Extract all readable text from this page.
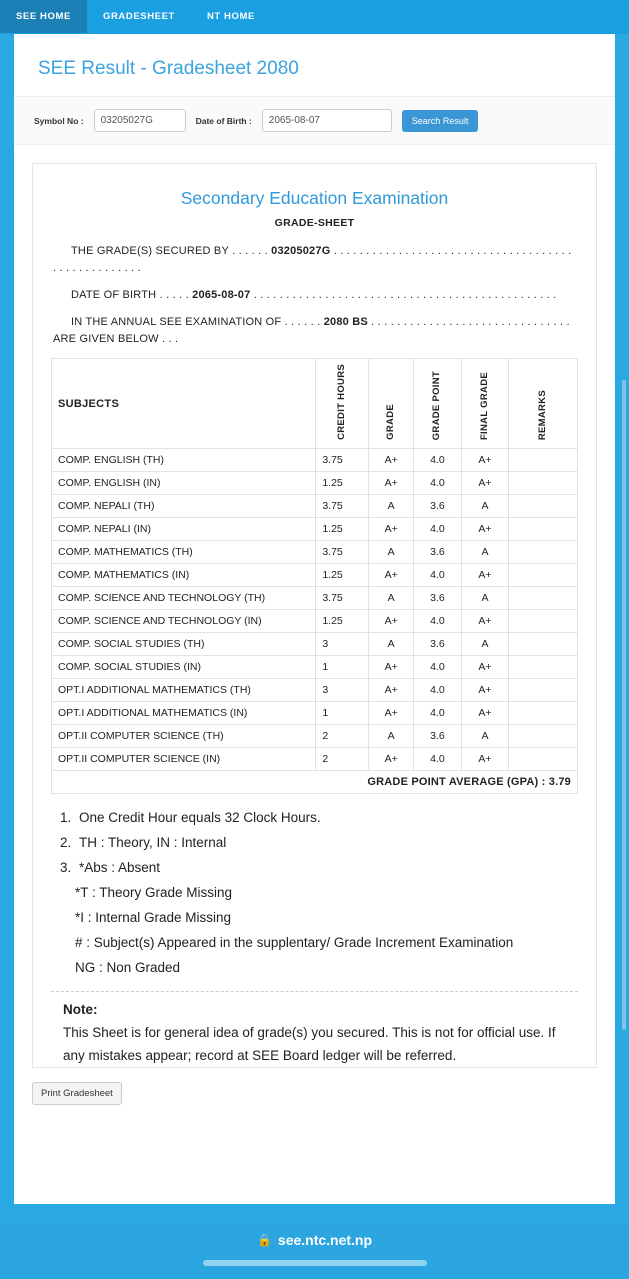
SEE HOME	GRADESHEET	NT HOME
SEE Result - Gradesheet 2080
Symbol No :
03205027G	Date of Birth :
2065-08-07	Search Result
Secondary Education Examination
GRADE-SHEET
THE GRADE(S) SECURED BY . . . . . . 03205027G . . . . . . . . . . . . . . . . . . . . . . . . . . . . . . . . . . . . . . . . . . . . . . . . . . .
DATE OF BIRTH . . . . . 2065-08-07 . . . . . . . . . . . . . . . . . . . . . . . . . . . . . . . . . . . . . . . . . . . . . . .
IN THE ANNUAL SEE EXAMINATION OF . . . . . . 2080 BS . . . . . . . . . . . . . . . . . . . . . . . . . . . . . . . ARE GIVEN BELOW . . .
SUBJECTS	CREDIT HOURS	GRADE	GRADE POINT	FINAL GRADE	REMARKS
COMP. ENGLISH (TH)	3.75	A+	4.0	A+	
COMP. ENGLISH (IN)	1.25	A+	4.0	A+	
COMP. NEPALI (TH)	3.75	A	3.6	A	
COMP. NEPALI (IN)	1.25	A+	4.0	A+	
COMP. MATHEMATICS (TH)	3.75	A	3.6	A	
COMP. MATHEMATICS (IN)	1.25	A+	4.0	A+	
COMP. SCIENCE AND TECHNOLOGY (TH)	3.75	A	3.6	A	
COMP. SCIENCE AND TECHNOLOGY (IN)	1.25	A+	4.0	A+	
COMP. SOCIAL STUDIES (TH)	3	A	3.6	A	
COMP. SOCIAL STUDIES (IN)	1	A+	4.0	A+	
OPT.I ADDITIONAL MATHEMATICS (TH)	3	A+	4.0	A+	
OPT.I ADDITIONAL MATHEMATICS (IN)	1	A+	4.0	A+	
OPT.II COMPUTER SCIENCE (TH)	2	A	3.6	A	
OPT.II COMPUTER SCIENCE (IN)	2	A+	4.0	A+	
GRADE POINT AVERAGE (GPA) : 3.79					
1. One Credit Hour equals 32 Clock Hours.
2. TH : Theory, IN : Internal
3. *Abs : Absent
*T : Theory Grade Missing
*I : Internal Grade Missing
# : Subject(s) Appeared in the supplentary/ Grade Increment Examination
NG : Non Graded
Note:
This Sheet is for general idea of grade(s) you secured. This is not for official use. If any mistakes appear; record at SEE Board ledger will be referred.
Print Gradesheet
🔒 see.ntc.net.np
